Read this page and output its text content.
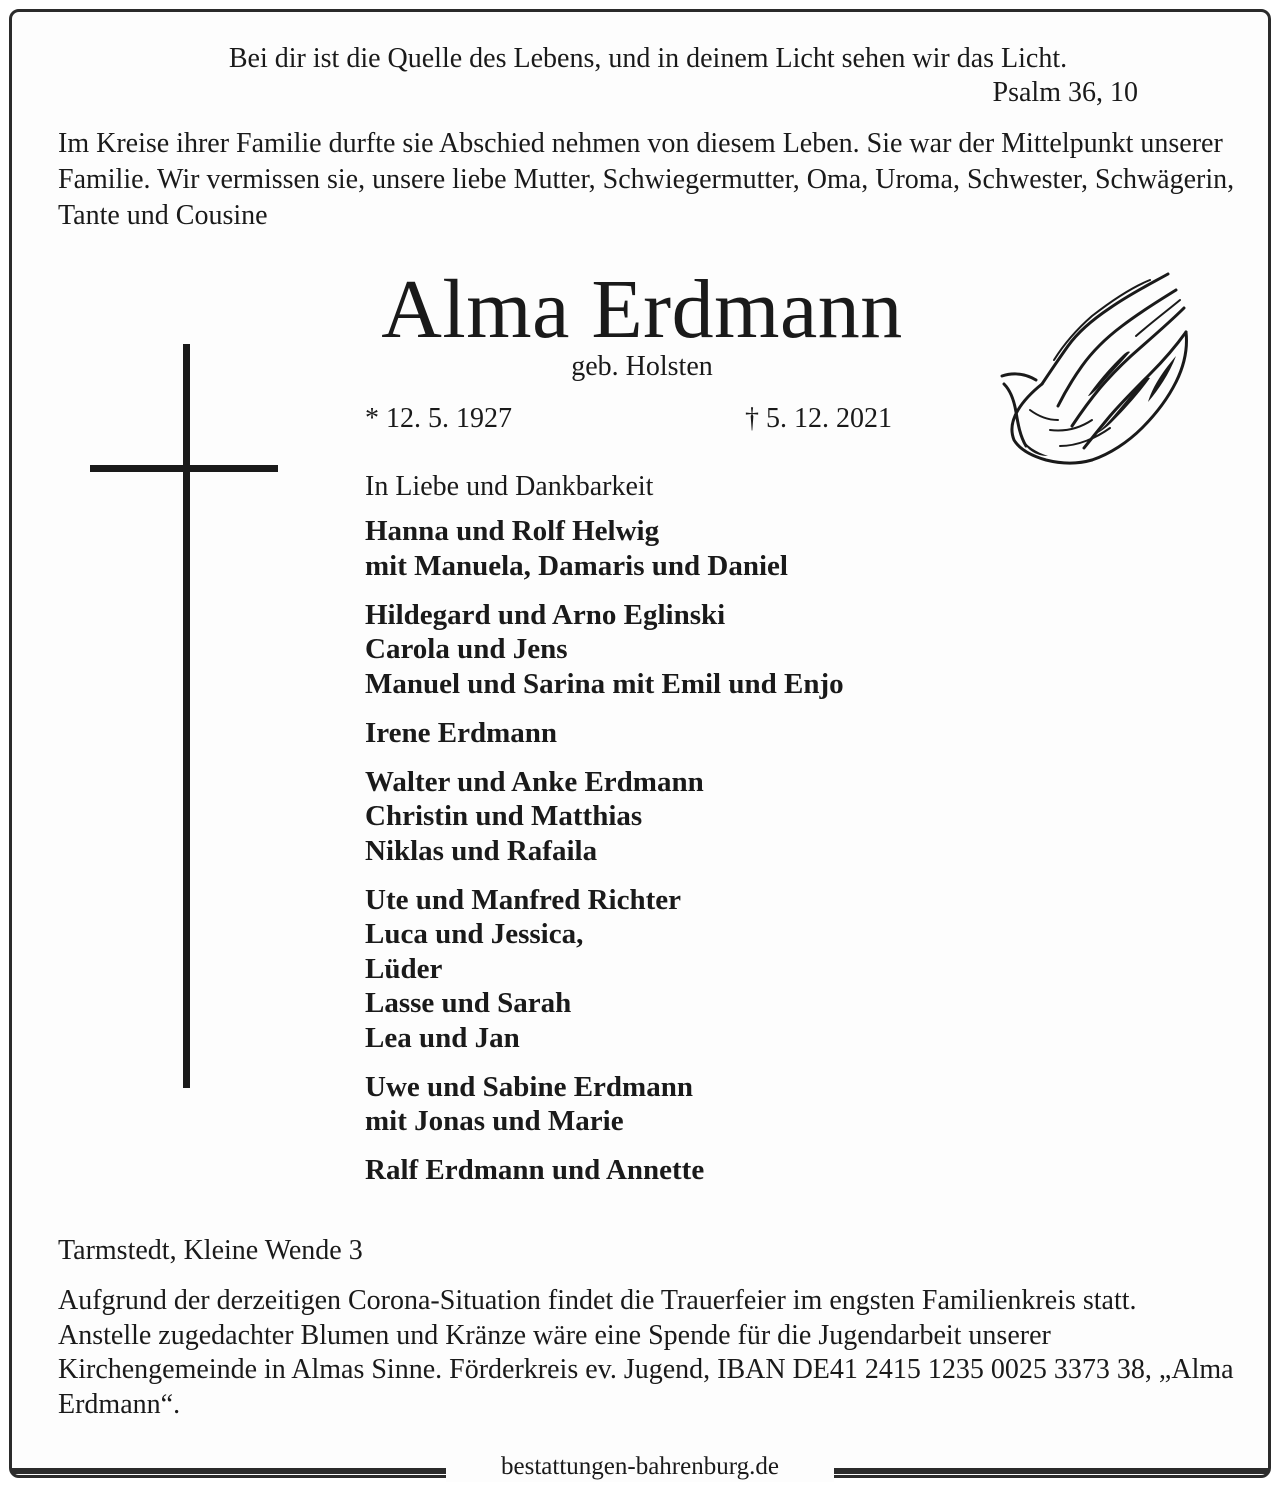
Bei dir ist die Quelle des Lebens, und in deinem Licht sehen wir das Licht.

Psalm 36, 10

Im Kreise ihrer Familie durfte sie Abschied nehmen von diesem Leben. Sie war der Mittelpunkt unserer Familie. Wir vermissen sie, unsere liebe Mutter, Schwiegermutter, Oma, Uroma, Schwester, Schwägerin, Tante und Cousine

Alma Erdmann
geb. Holsten
* 12. 5. 1927	† 5. 12. 2021
In Liebe und Dankbarkeit
Hanna und Rolf Helwig
mit Manuela, Damaris und Daniel
Hildegard und Arno Eglinski
Carola und Jens
Manuel und Sarina mit Emil und Enjo
Irene Erdmann
Walter und Anke Erdmann
Christin und Matthias
Niklas und Rafaila
Ute und Manfred Richter
Luca und Jessica,
Lüder
Lasse und Sarah
Lea und Jan
Uwe und Sabine Erdmann
mit Jonas und Marie
Ralf Erdmann und Annette
Tarmstedt, Kleine Wende 3

Aufgrund der derzeitigen Corona-Situation findet die Trauerfeier im engsten Familienkreis statt.

Anstelle zugedachter Blumen und Kränze wäre eine Spende für die Jugendarbeit unserer Kirchengemeinde in Almas Sinne. Förderkreis ev. Jugend, IBAN DE41 2415 1235 0025 3373 38, „Alma Erdmann“.

bestattungen-bahrenburg.de
